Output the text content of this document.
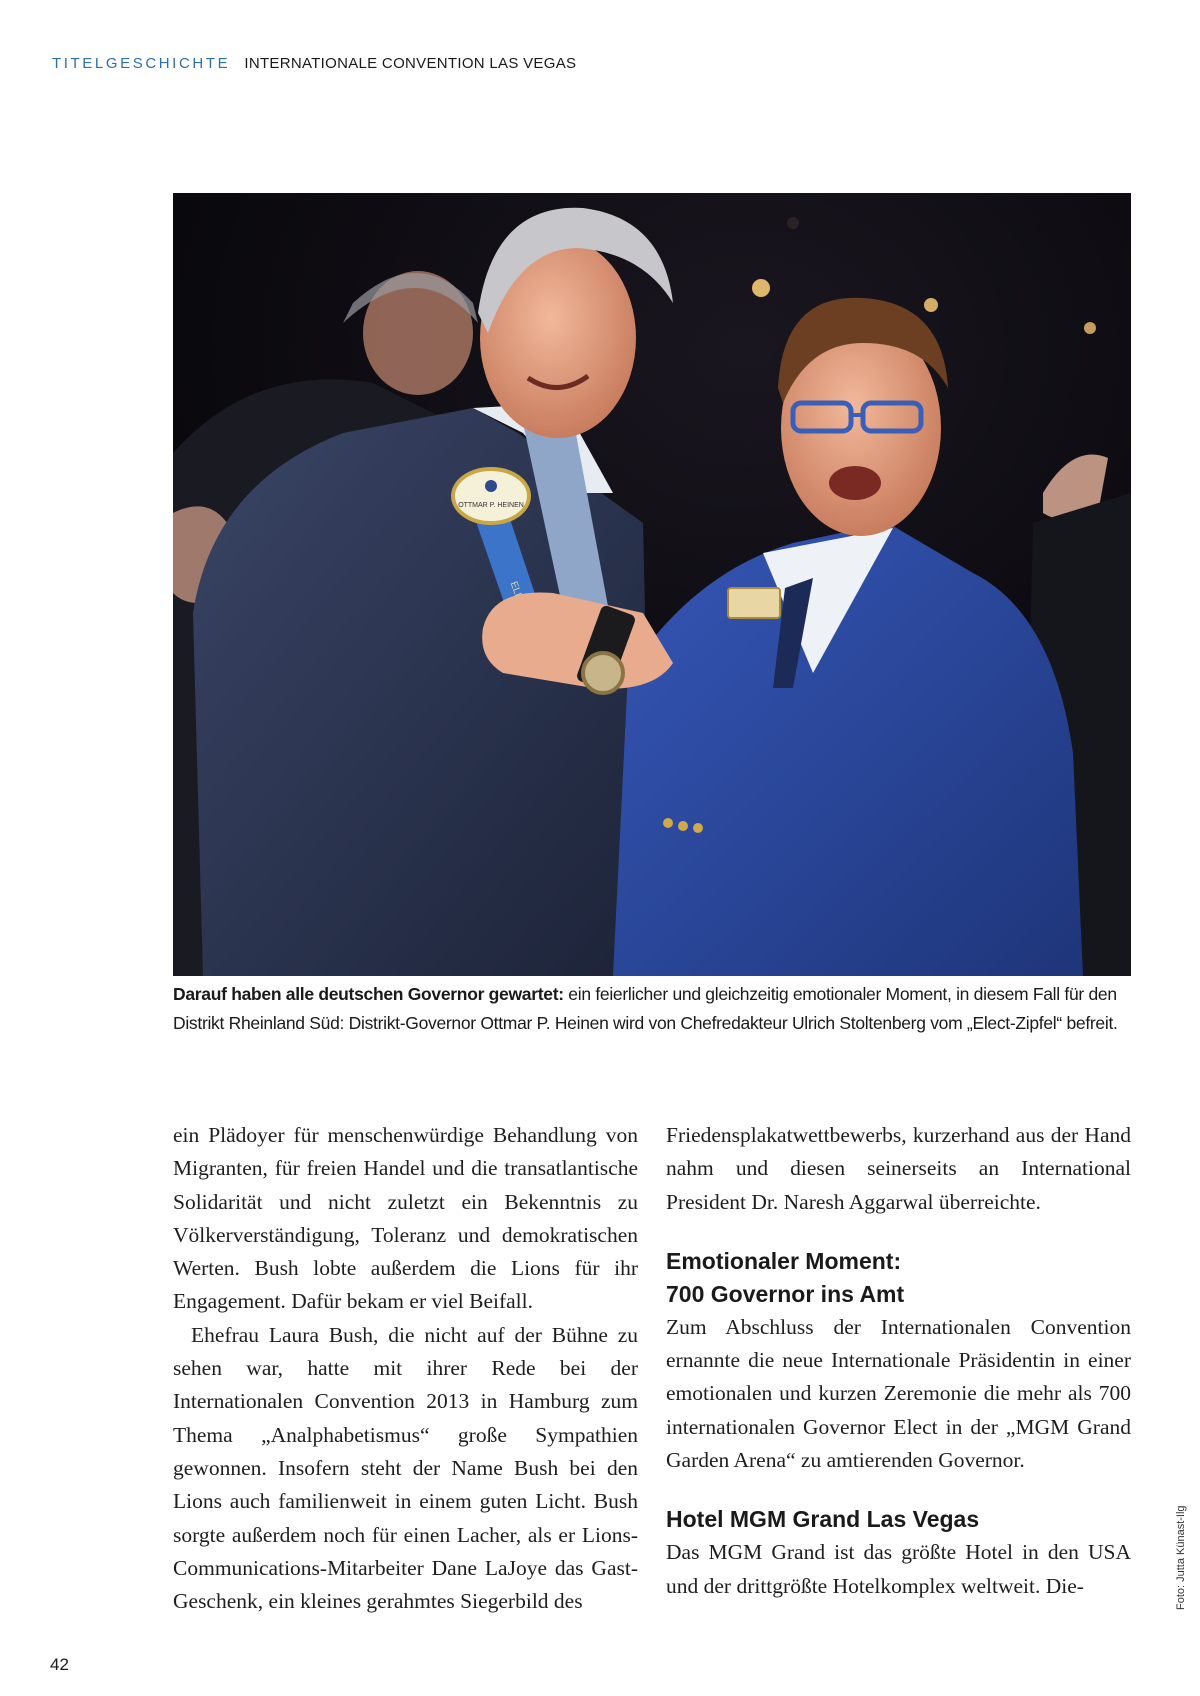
TITELGESCHICHTE INTERNATIONALE CONVENTION LAS VEGAS
OTTMAR P. HEINEN
Darauf haben alle deutschen Governor gewartet: ein feierlicher und gleichzeitig emotionaler Moment, in diesem Fall für den Distrikt Rheinland Süd: Distrikt-Governor Ottmar P. Heinen wird von Chefredakteur Ulrich Stoltenberg vom „Elect-Zipfel“ befreit.

ein Plädoyer für menschenwürdige Behandlung von Migranten, für freien Handel und die transatlantische Solidarität und nicht zuletzt ein Bekenntnis zu Völkerverständigung, Toleranz und demokratischen Werten. Bush lobte außerdem die Lions für ihr Engagement. Dafür bekam er viel Beifall.

Ehefrau Laura Bush, die nicht auf der Bühne zu sehen war, hatte mit ihrer Rede bei der Internationalen Convention 2013 in Hamburg zum Thema „Analphabetismus“ große Sympathien gewonnen. Insofern steht der Name Bush bei den Lions auch familienweit in einem guten Licht. Bush sorgte außerdem noch für einen Lacher, als er Lions-Communications-Mitarbeiter Dane LaJoye das Gast-Geschenk, ein kleines gerahmtes Siegerbild des

Friedensplakatwettbewerbs, kurzerhand aus der Hand nahm und diesen seinerseits an International President Dr. Naresh Aggarwal überreichte.

Emotionaler Moment:
700 Governor ins Amt

Zum Abschluss der Internationalen Convention ernannte die neue Internationale Präsidentin in einer emotionalen und kurzen Zeremonie die mehr als 700 internationalen Governor Elect in der „MGM Grand Garden Arena“ zu amtierenden Governor.

Hotel MGM Grand Las Vegas

Das MGM Grand ist das größte Hotel in den USA und der drittgrößte Hotelkomplex weltweit. Die-	Foto: Jutta Künast-Ilg
42
